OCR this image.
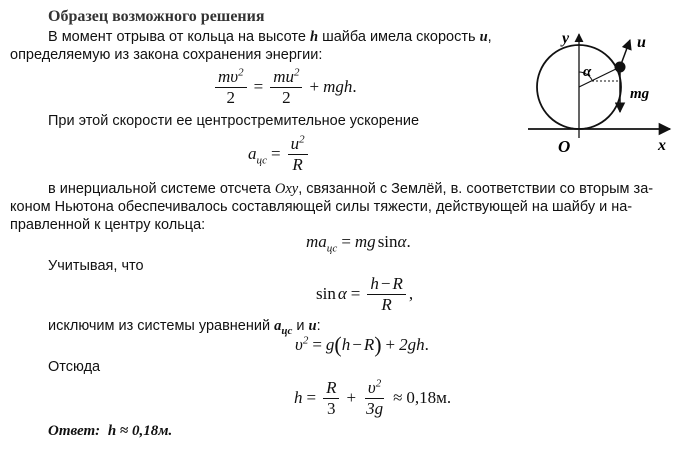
Образец возможного решения
В момент отрыва от кольца на высоте h шайба имела скорость u,
определяемую из закона сохранения энергии:
$\frac{m\upsilon^2}{2} = \frac{mu^2}{2}$ + mgh .
При этой скорости ее центростремительное ускорение
$a_{цс} = \frac{u^2}{R}$
в инерциальной системе отсчета Oxy, связанной с Землёй, в. соответствии со вторым за-
коном Ньютона обеспечивалось составляющей силы тяжести, действующей на шайбу и на-
правленной к центру кольца:
$ma_{цс}$ = mg sin α .
Учитывая, что
$\sin \alpha = \frac{h - R}{R}$ ,
исключим из системы уравнений $a_{цс}$ и u:
$\upsilon^2 = g$ ( h − R ) + 2gh .
Отсюда
$h = \frac{R}{3} + \frac{\upsilon^2}{3g} \approx 0,18м$.
Ответ: h ≈ 0,18м.
y
x
O
α
u
mg
